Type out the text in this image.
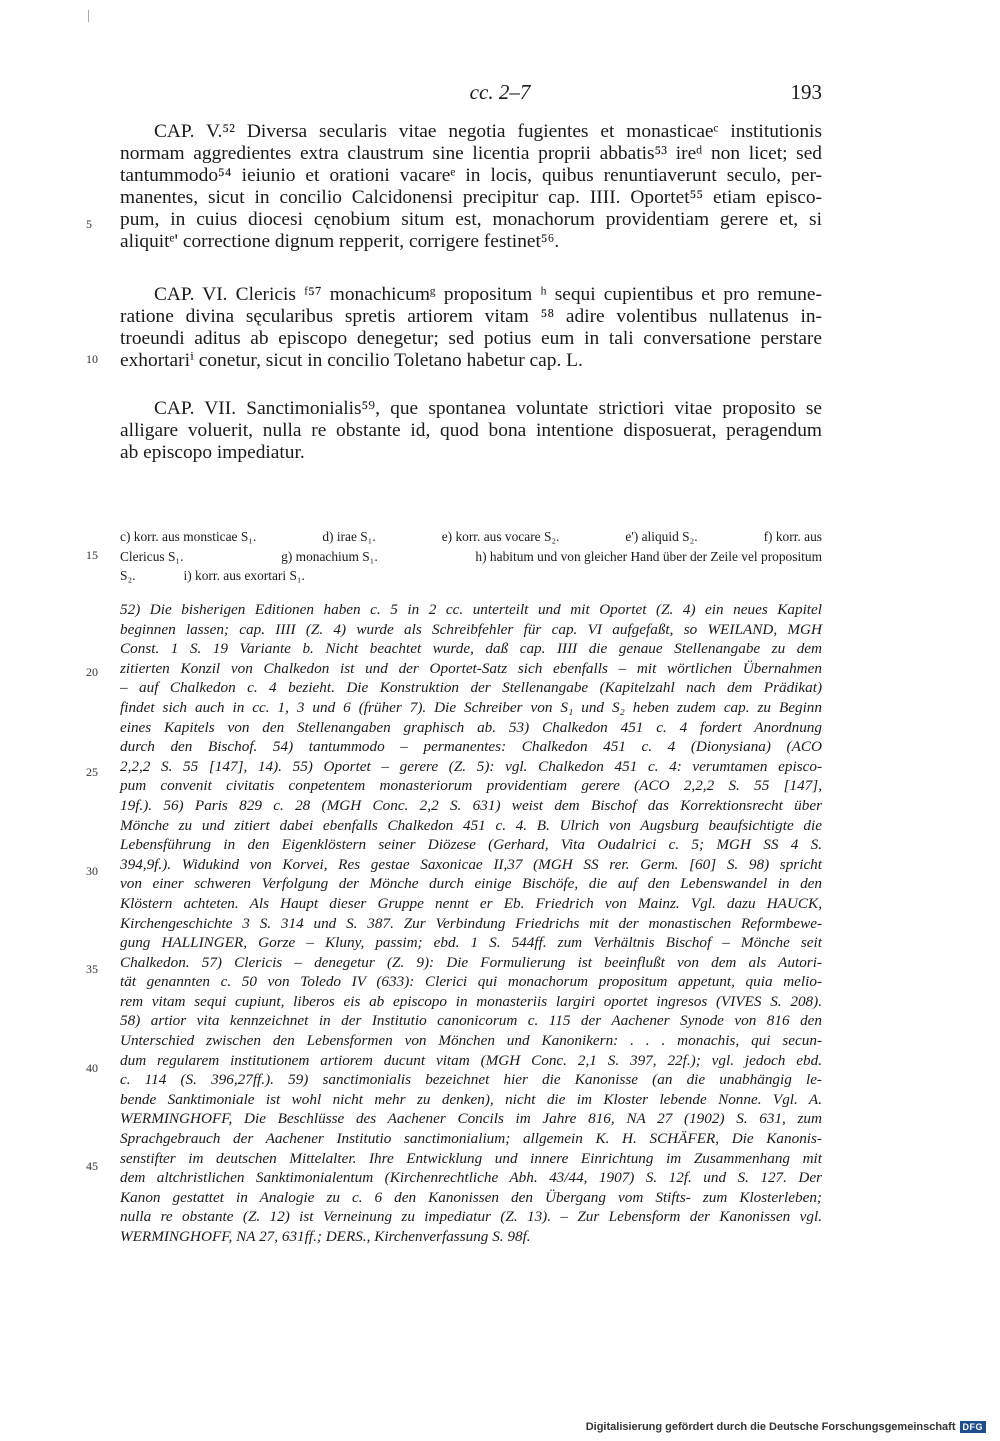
cc. 2–7	193
CAP. V.⁵² Diversa secularis vitae negotia fugientes et monasticaeᶜ institutionis
normam aggredientes extra claustrum sine licentia proprii abbatis⁵³ ireᵈ non licet; sed
tantummodo⁵⁴ ieiunio et orationi vacareᵉ in locis, quibus renuntiaverunt seculo, per-
manentes, sicut in concilio Calcidonensi precipitur cap. IIII. Oportet⁵⁵ etiam episco-
pum, in cuius diocesi cęnobium situm est, monachorum providentiam gerere et, si
aliquitᵉ' correctione dignum repperit, corrigere festinet⁵⁶.
CAP. VI. Clericis ᶠ⁵⁷ monachicumᵍ propositum ʰ sequi cupientibus et pro remune-
ratione divina sęcularibus spretis artiorem vitam ⁵⁸ adire volentibus nullatenus in-
troeundi aditus ab episcopo denegetur; sed potius eum in tali conversatione perstare
exhortariⁱ conetur, sicut in concilio Toletano habetur cap. L.
CAP. VII. Sanctimonialis⁵⁹, que spontanea voluntate strictiori vitae proposito se
alligare voluerit, nulla re obstante id, quod bona intentione disposuerat, peragendum
ab episcopo impediatur.
5
10
15
20
25
30
35
40
45
c) korr. aus monsticae S₁.	d) irae S₁.	e) korr. aus vocare S₂.	e') aliquid S₂.	f) korr. aus
Clericus S₁.	g) monachium S₁.	h) habitum und von gleicher Hand über der Zeile vel propositum
S₂.	i) korr. aus exortari S₁.
52) Die bisherigen Editionen haben c. 5 in 2 cc. unterteilt und mit Oportet (Z. 4) ein neues Kapitel
beginnen lassen; cap. IIII (Z. 4) wurde als Schreibfehler für cap. VI aufgefaßt, so WEILAND, MGH
Const. 1 S. 19 Variante b. Nicht beachtet wurde, daß cap. IIII die genaue Stellenangabe zu dem
zitierten Konzil von Chalkedon ist und der Oportet-Satz sich ebenfalls – mit wörtlichen Übernahmen
– auf Chalkedon c. 4 bezieht. Die Konstruktion der Stellenangabe (Kapitelzahl nach dem Prädikat)
findet sich auch in cc. 1, 3 und 6 (früher 7). Die Schreiber von S₁ und S₂ heben zudem cap. zu Beginn
eines Kapitels von den Stellenangaben graphisch ab. 53) Chalkedon 451 c. 4 fordert Anordnung
durch den Bischof. 54) tantummodo – permanentes: Chalkedon 451 c. 4 (Dionysiana) (ACO
2,2,2 S. 55 [147], 14). 55) Oportet – gerere (Z. 5): vgl. Chalkedon 451 c. 4: verumtamen episco-
pum convenit civitatis conpetentem monasteriorum providentiam gerere (ACO 2,2,2 S. 55 [147],
19f.). 56) Paris 829 c. 28 (MGH Conc. 2,2 S. 631) weist dem Bischof das Korrektionsrecht über
Mönche zu und zitiert dabei ebenfalls Chalkedon 451 c. 4. B. Ulrich von Augsburg beaufsichtigte die
Lebensführung in den Eigenklöstern seiner Diözese (Gerhard, Vita Oudalrici c. 5; MGH SS 4 S.
394,9f.). Widukind von Korvei, Res gestae Saxonicae II,37 (MGH SS rer. Germ. [60] S. 98) spricht
von einer schweren Verfolgung der Mönche durch einige Bischöfe, die auf den Lebenswandel in den
Klöstern achteten. Als Haupt dieser Gruppe nennt er Eb. Friedrich von Mainz. Vgl. dazu HAUCK,
Kirchengeschichte 3 S. 314 und S. 387. Zur Verbindung Friedrichs mit der monastischen Reformbewe-
gung HALLINGER, Gorze – Kluny, passim; ebd. 1 S. 544ff. zum Verhältnis Bischof – Mönche seit
Chalkedon. 57) Clericis – denegetur (Z. 9): Die Formulierung ist beeinflußt von dem als Autori-
tät genannten c. 50 von Toledo IV (633): Clerici qui monachorum propositum appetunt, quia melio-
rem vitam sequi cupiunt, liberos eis ab episcopo in monasteriis largiri oportet ingresos (VIVES S. 208).
58) artior vita kennzeichnet in der Institutio canonicorum c. 115 der Aachener Synode von 816 den
Unterschied zwischen den Lebensformen von Mönchen und Kanonikern: . . . monachis, qui secun-
dum regularem institutionem artiorem ducunt vitam (MGH Conc. 2,1 S. 397, 22f.); vgl. jedoch ebd.
c. 114 (S. 396,27ff.). 59) sanctimonialis bezeichnet hier die Kanonisse (an die unabhängig le-
bende Sanktimoniale ist wohl nicht mehr zu denken), nicht die im Kloster lebende Nonne. Vgl. A.
WERMINGHOFF, Die Beschlüsse des Aachener Concils im Jahre 816, NA 27 (1902) S. 631, zum
Sprachgebrauch der Aachener Institutio sanctimonialium; allgemein K. H. SCHÄFER, Die Kanonis-
senstifter im deutschen Mittelalter. Ihre Entwicklung und innere Einrichtung im Zusammenhang mit
dem altchristlichen Sanktimonialentum (Kirchenrechtliche Abh. 43/44, 1907) S. 12f. und S. 127. Der
Kanon gestattet in Analogie zu c. 6 den Kanonissen den Übergang vom Stifts- zum Klosterleben;
nulla re obstante (Z. 12) ist Verneinung zu impediatur (Z. 13). – Zur Lebensform der Kanonissen vgl.
WERMINGHOFF, NA 27, 631ff.; DERS., Kirchenverfassung S. 98f.
Digitalisierung gefördert durch die Deutsche Forschungsgemeinschaft DFG
